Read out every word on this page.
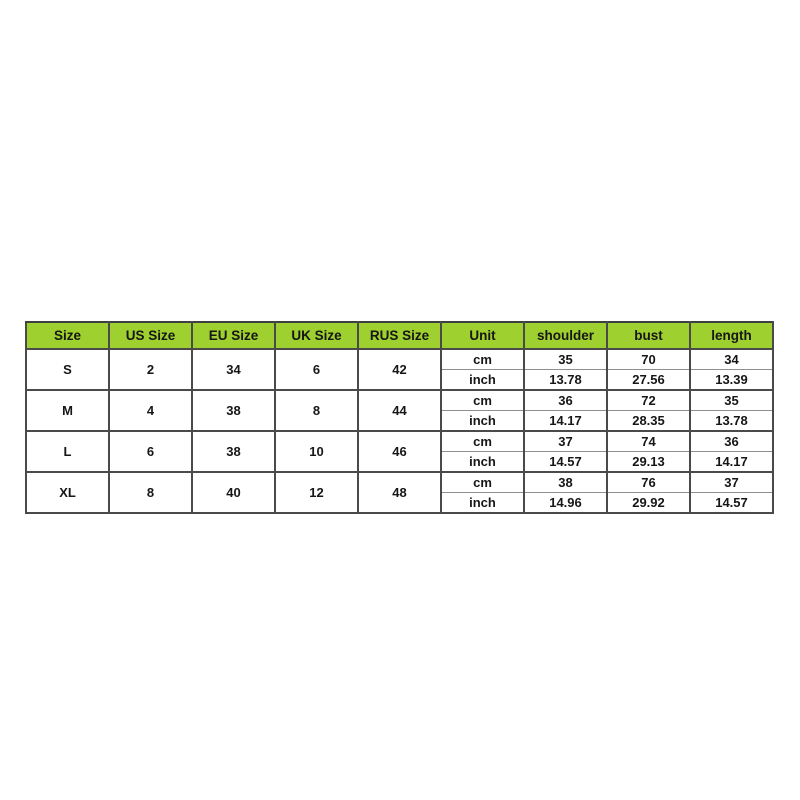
Size	US Size	EU Size	UK Size	RUS Size	Unit	shoulder	bust	length
S	2	34	6	42	cm	35	70	34
					inch	13.78	27.56	13.39
M	4	38	8	44	cm	36	72	35
					inch	14.17	28.35	13.78
L	6	38	10	46	cm	37	74	36
					inch	14.57	29.13	14.17
XL	8	40	12	48	cm	38	76	37
					inch	14.96	29.92	14.57
